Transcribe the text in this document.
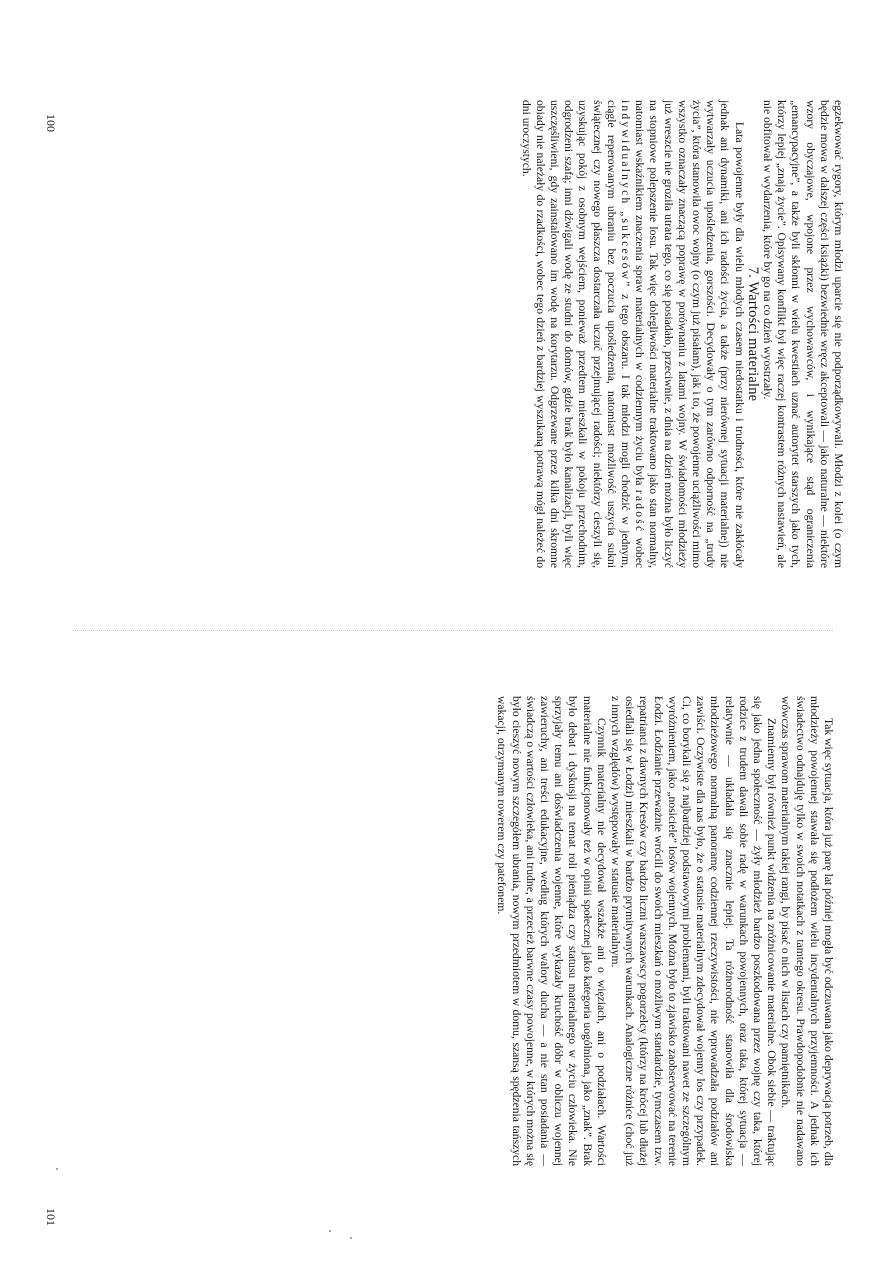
egzekwować rygory, którym młodzi uparcie się nie podporządkowywali. Młodzi z kolei (o czym będzie mowa w dalszej części książki) bezwiednie wręcz akceptowali — jako naturalne — niektóre wzory obyczajowe, wpojone przez wychowawców, i wynikające stąd ograniczenia „emancypacyjne”, a także byli skłonni w wielu kwestiach uznać autorytet starszych jako tych, którzy lepiej „znają życie”. Opisywany konflikt był więc raczej kontrastem różnych nastawień, ale nie obfitował w wydarzenia, które by go na co dzień wyostrzały.

7. Wartości materialne

Lata powojenne były dla wielu młodych czasem niedostatku i trudności, które nie zakłócały jednak ani dynamiki, ani ich radości życia, a także (przy nierównej sytuacji materialnej) nie wytwarzały uczucia upośledzenia, gorszości. Decydowały o tym zarówno odporność na „trudy życia”, która stanowiła owoc wojny (o czym już pisałam), jak i to, że powojenne uciążliwości mimo wszystko oznaczały znaczącą poprawę w porównaniu z latami wojny. W świadomości młodzieży już wreszcie nie groziła utrata tego, co się posiadało, przeciwnie, z dnia na dzień można było liczyć na stopniowe polepszenie losu. Tak więc dolegliwości materialne traktowano jako stan normalny, natomiast wskaźnikiem znaczenia spraw materialnych w codziennym życiu była radość wobec indywidualnych „sukcesów” z tego obszaru. I tak młodzi mogli chodzić w jednym, ciągle reperowanym ubraniu bez poczucia upośledzenia, natomiast możliwość uszycia sukni świątecznej czy nowego płaszcza dostarczała uczuć przejmującej radości; niektórzy cieszyli się, uzyskując pokój z osobnym wejściem, ponieważ przedtem mieszkali w pokoju przechodnim, odgrodzeni szafą; inni dźwigali wodę ze studni do domów, gdzie brak było kanalizacji, byli więc uszczęśliwieni, gdy zainstalowano im wodę na korytarzu. Odgrzewane przez kilka dni skromne obiady nie należały do rzadkości, wobec tego dzień z bardziej wyszukaną potrawą mógł należeć do dni uroczystych.

100

Tak więc sytuacja, która już parę lat później mogła być odczuwana jako deprywacja potrzeb, dla młodzieży powojennej stawała się podłożem wielu incydentalnych przyjemności. A jednak ich świadectwo odnajduję tylko w swoich notatkach z tamtego okresu. Prawdopodobnie nie nadawano wówczas sprawom materialnym takiej rangi, by pisać o nich w listach czy pamiętnikach.

Znamienny był również punkt widzenia na zróżnicowanie materialne. Obok siebie — traktując się jako jedna społeczność — żyły młodzież bardzo poszkodowana przez wojnę czy taka, której rodzice z trudem dawali sobie radę w warunkach powojennych, oraz taka, której sytuacja — relatywnie — układała się znacznie lepiej. Ta różnorodność stanowiła dla środowiska młodzieżowego normalną panoramę codziennej rzeczywistości, nie wprowadzała podziałów ani zawiści. Oczywiste dla nas było, że o statusie materialnym zdecydował wojenny los czy przypadek. Ci, co borykali się z najbardziej podstawowymi problemami, byli traktowani nawet ze szczególnym wyróżnieniem, jako „nosiciele” losów wojennych. Można było to zjawisko zaobserwować na terenie Łodzi. Łodzianie przeważnie wrócili do swoich mieszkań o możliwym standardzie, tymczasem tzw. repatrianci z dawnych Kresów czy bardzo liczni warszawscy pogorzelcy (którzy na krócej lub dłużej osiedlali się w Łodzi) mieszkali w bardzo prymitywnych warunkach. Analogiczne różnice (choć już z innych względów) występowały w statusie materialnym.

Czynnik materialny nie decydował wszakże ani o więziach, ani o podziałach. Wartości materialne nie funkcjonowały też w opinii społecznej jako kategoria uogólniona, jako „znak”. Brak było debat i dyskusji na temat roli pieniądza czy statusu materialnego w życiu człowieka. Nie sprzyjały temu ani doświadczenia wojenne, które wykazały kruchość dóbr w obliczu wojennej zawieruchy, ani treści edukacyjne, według których walory ducha — a nie stan posiadania — świadczą o wartości człowieka, ani trudne, a przecież barwne czasy powojenne, w których można się było cieszyć nowym szczegółem ubrania, nowym przedmiotem w domu, szansą spędzenia tańszych wakacji, otrzymanym rowerem czy patefonem.

101
